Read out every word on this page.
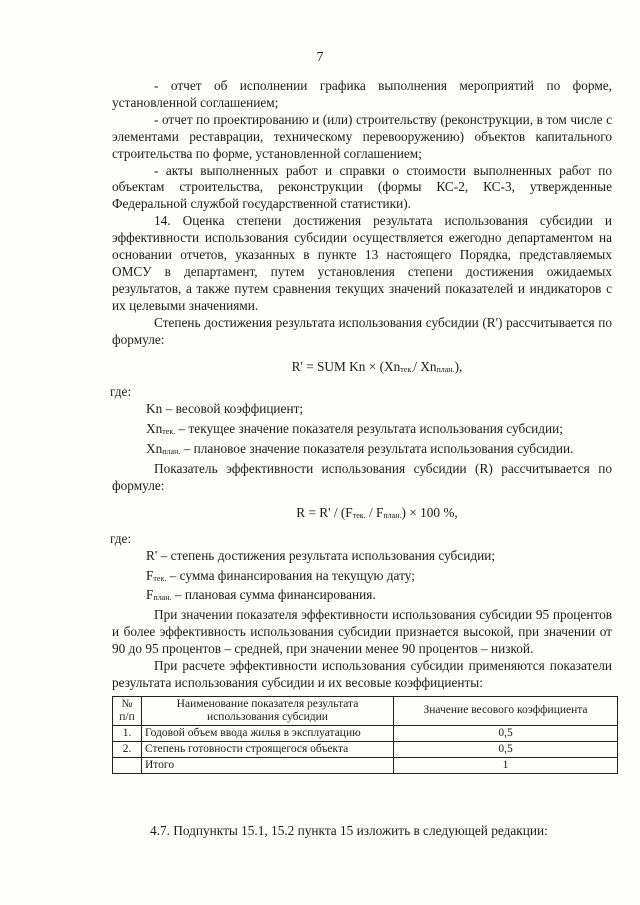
7

- отчет об исполнении графика выполнения мероприятий по форме, установленной соглашением;

- отчет по проектированию и (или) строительству (реконструкции, в том числе с элементами реставрации, техническому перевооружению) объектов капитального строительства по форме, установленной соглашением;

- акты выполненных работ и справки о стоимости выполненных работ по объектам строительства, реконструкции (формы КС-2, КС-3, утвержденные Федеральной службой государственной статистики).

14. Оценка степени достижения результата использования субсидии и эффективности использования субсидии осуществляется ежегодно департаментом на основании отчетов, указанных в пункте 13 настоящего Порядка, представляемых ОМСУ в департамент, путем установления степени достижения ожидаемых результатов, а также путем сравнения текущих значений показателей и индикаторов с их целевыми значениями.

Степень достижения результата использования субсидии (R') рассчитывается по формуле:

R' = SUM $Kn \times (Xn_{тек.}/$ $Xn_{план.}$),

где:

Kn – весовой коэффициент;

$Xn_{тек.}$ – текущее значение показателя результата использования субсидии;

$Xn_{план.}$ – плановое значение показателя результата использования субсидии.

Показатель эффективности использования субсидии (R) рассчитывается по формуле:

$R = R' / (F_{тек.} / F_{план.}) \times 100$ %,

где:

R' – степень достижения результата использования субсидии;

$F_{тек.}$ – сумма финансирования на текущую дату;

$F_{план.}$ – плановая сумма финансирования.

При значении показателя эффективности использования субсидии 95 процентов и более эффективность использования субсидии признается высокой, при значении от 90 до 95 процентов – средней, при значении менее 90 процентов – низкой.

При расчете эффективности использования субсидии применяются показатели результата использования субсидии и их весовые коэффициенты:

№ п/п	Наименование показателя результата использования субсидии	Значение весового коэффициента
1.	Годовой объем ввода жилья в эксплуатацию	0,5
2.	Степень готовности строящегося объекта	0,5
	Итого	1
4.7. Подпункты 15.1, 15.2 пункта 15 изложить в следующей редакции:
